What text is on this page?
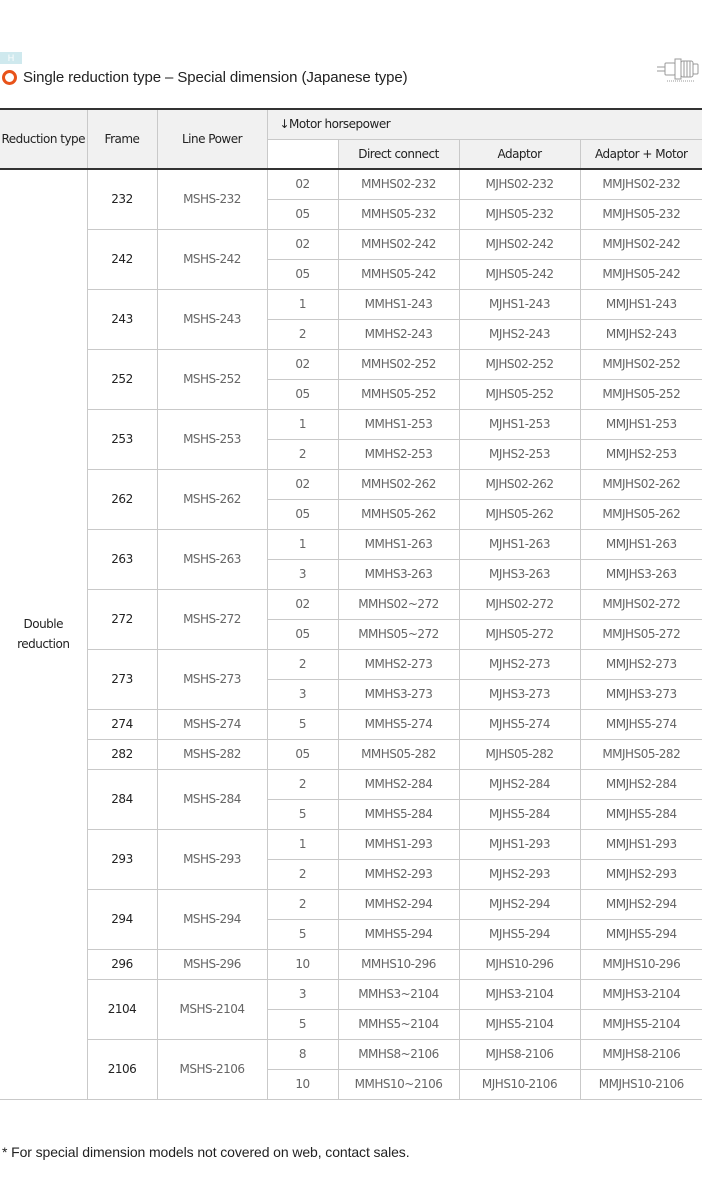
H
Single reduction type – Special dimension (Japanese type)
Reduction type	Frame	Line Power	↓Motor horsepower			
				Direct connect	Adaptor	Adaptor + Motor
Double reduction	232	MSHS-232	02	MMHS02-232	MJHS02-232	MMJHS02-232
			05	MMHS05-232	MJHS05-232	MMJHS05-232
	242	MSHS-242	02	MMHS02-242	MJHS02-242	MMJHS02-242
			05	MMHS05-242	MJHS05-242	MMJHS05-242
	243	MSHS-243	1	MMHS1-243	MJHS1-243	MMJHS1-243
			2	MMHS2-243	MJHS2-243	MMJHS2-243
	252	MSHS-252	02	MMHS02-252	MJHS02-252	MMJHS02-252
			05	MMHS05-252	MJHS05-252	MMJHS05-252
	253	MSHS-253	1	MMHS1-253	MJHS1-253	MMJHS1-253
			2	MMHS2-253	MJHS2-253	MMJHS2-253
	262	MSHS-262	02	MMHS02-262	MJHS02-262	MMJHS02-262
			05	MMHS05-262	MJHS05-262	MMJHS05-262
	263	MSHS-263	1	MMHS1-263	MJHS1-263	MMJHS1-263
			3	MMHS3-263	MJHS3-263	MMJHS3-263
	272	MSHS-272	02	MMHS02~272	MJHS02-272	MMJHS02-272
			05	MMHS05~272	MJHS05-272	MMJHS05-272
	273	MSHS-273	2	MMHS2-273	MJHS2-273	MMJHS2-273
			3	MMHS3-273	MJHS3-273	MMJHS3-273
	274	MSHS-274	5	MMHS5-274	MJHS5-274	MMJHS5-274
	282	MSHS-282	05	MMHS05-282	MJHS05-282	MMJHS05-282
	284	MSHS-284	2	MMHS2-284	MJHS2-284	MMJHS2-284
			5	MMHS5-284	MJHS5-284	MMJHS5-284
	293	MSHS-293	1	MMHS1-293	MJHS1-293	MMJHS1-293
			2	MMHS2-293	MJHS2-293	MMJHS2-293
	294	MSHS-294	2	MMHS2-294	MJHS2-294	MMJHS2-294
			5	MMHS5-294	MJHS5-294	MMJHS5-294
	296	MSHS-296	10	MMHS10-296	MJHS10-296	MMJHS10-296
	2104	MSHS-2104	3	MMHS3~2104	MJHS3-2104	MMJHS3-2104
			5	MMHS5~2104	MJHS5-2104	MMJHS5-2104
	2106	MSHS-2106	8	MMHS8~2106	MJHS8-2106	MMJHS8-2106
			10	MMHS10~2106	MJHS10-2106	MMJHS10-2106
* For special dimension models not covered on web, contact sales.
